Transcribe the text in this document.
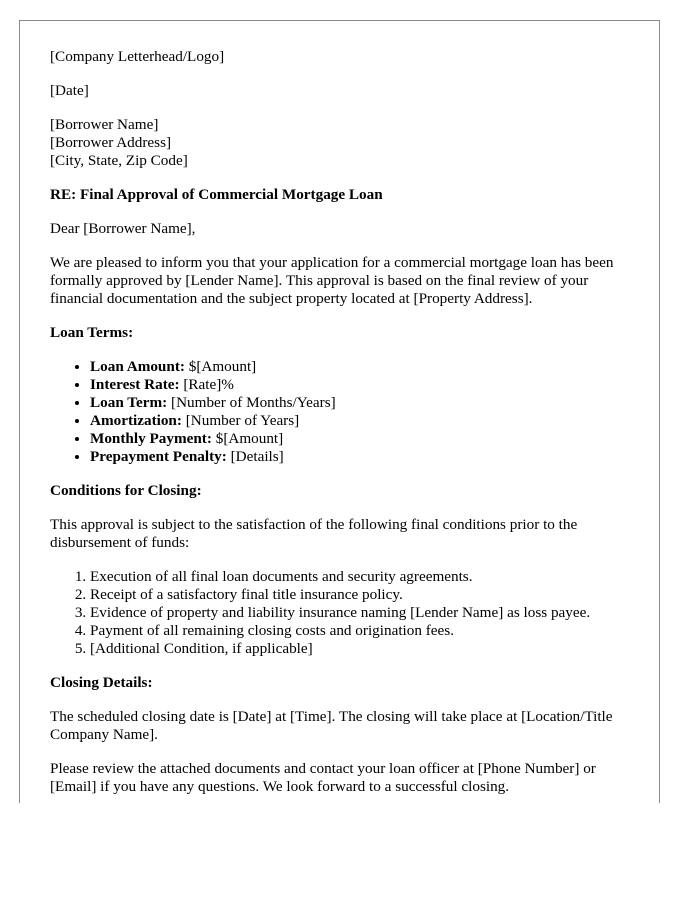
[Company Letterhead/Logo]

[Date]

[Borrower Name]
[Borrower Address]
[City, State, Zip Code]

RE: Final Approval of Commercial Mortgage Loan

Dear [Borrower Name],

We are pleased to inform you that your application for a commercial mortgage loan has been formally approved by [Lender Name]. This approval is based on the final review of your financial documentation and the subject property located at [Property Address].

Loan Terms:

• Loan Amount: $[Amount]
• Interest Rate: [Rate]%
• Loan Term: [Number of Months/Years]
• Amortization: [Number of Years]
• Monthly Payment: $[Amount]
• Prepayment Penalty: [Details]

Conditions for Closing:

This approval is subject to the satisfaction of the following final conditions prior to the disbursement of funds:

1. Execution of all final loan documents and security agreements.
2. Receipt of a satisfactory final title insurance policy.
3. Evidence of property and liability insurance naming [Lender Name] as loss payee.
4. Payment of all remaining closing costs and origination fees.
5. [Additional Condition, if applicable]

Closing Details:

The scheduled closing date is [Date] at [Time]. The closing will take place at [Location/Title Company Name].

Please review the attached documents and contact your loan officer at [Phone Number] or [Email] if you have any questions. We look forward to a successful closing.
